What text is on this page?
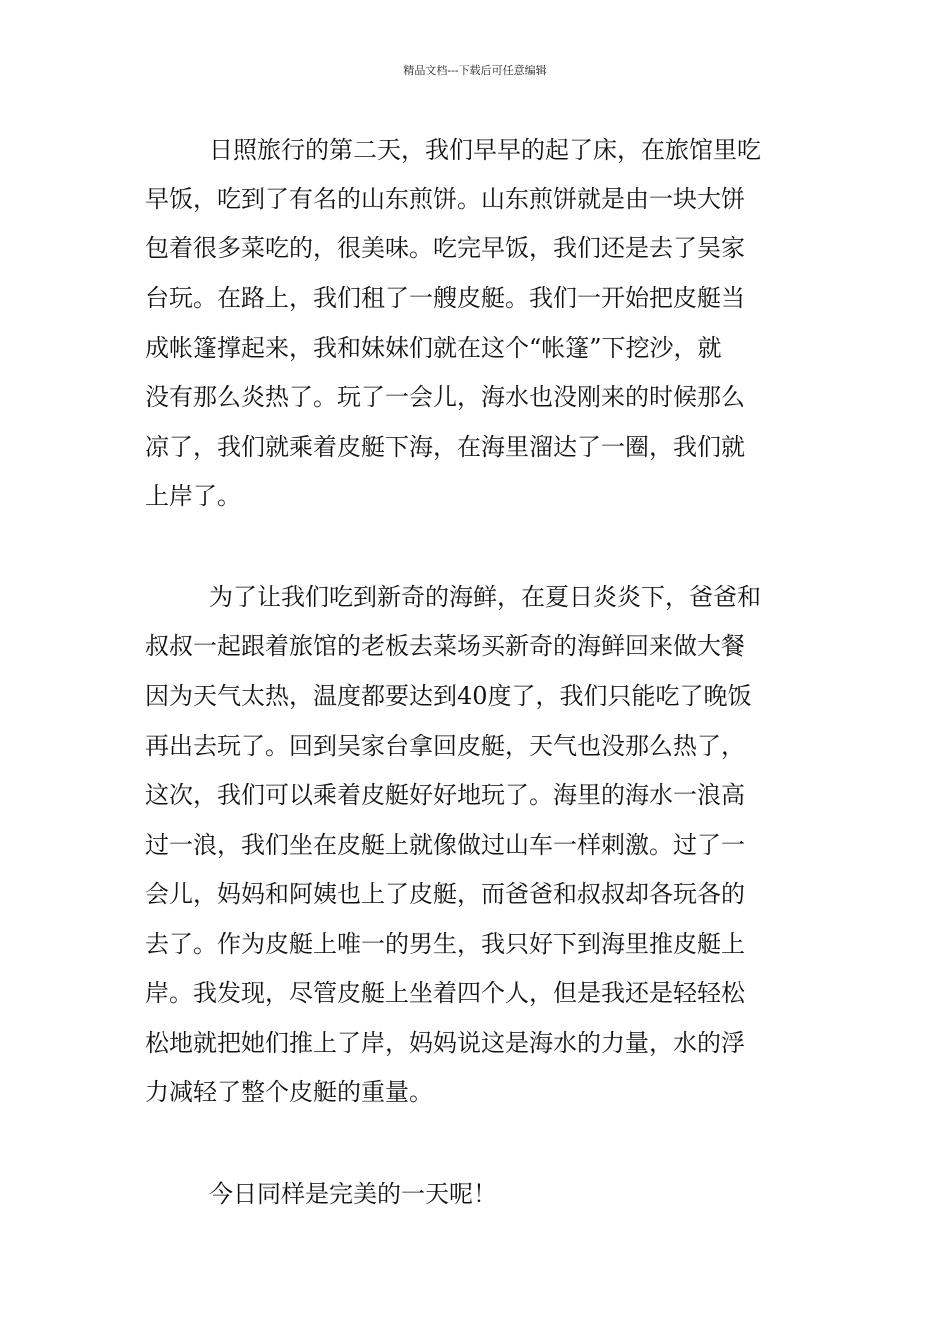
精品文档---下载后可任意编辑
日照旅行的第二天，我们早早的起了床，在旅馆里吃
早饭，吃到了有名的山东煎饼。山东煎饼就是由一块大饼
包着很多菜吃的，很美味。吃完早饭，我们还是去了吴家
台玩。在路上，我们租了一艘皮艇。我们一开始把皮艇当
成帐篷撑起来，我和妹妹们就在这个“帐篷”下挖沙，就
没有那么炎热了。玩了一会儿，海水也没刚来的时候那么
凉了，我们就乘着皮艇下海，在海里溜达了一圈，我们就
上岸了。
为了让我们吃到新奇的海鲜，在夏日炎炎下，爸爸和
叔叔一起跟着旅馆的老板去菜场买新奇的海鲜回来做大餐
因为天气太热，温度都要达到40度了，我们只能吃了晚饭
再出去玩了。回到吴家台拿回皮艇，天气也没那么热了，
这次，我们可以乘着皮艇好好地玩了。海里的海水一浪高
过一浪，我们坐在皮艇上就像做过山车一样刺激。过了一
会儿，妈妈和阿姨也上了皮艇，而爸爸和叔叔却各玩各的
去了。作为皮艇上唯一的男生，我只好下到海里推皮艇上
岸。我发现，尽管皮艇上坐着四个人，但是我还是轻轻松
松地就把她们推上了岸，妈妈说这是海水的力量，水的浮
力减轻了整个皮艇的重量。
今日同样是完美的一天呢！
